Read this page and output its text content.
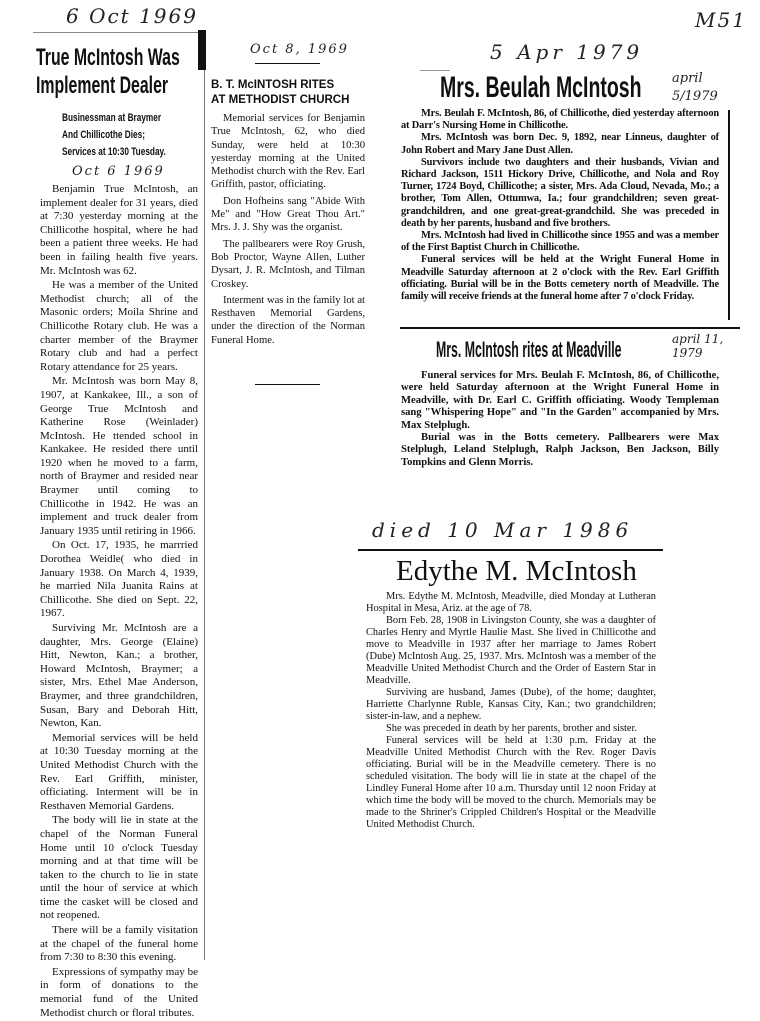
6 Oct 1969	M51
5 Apr 1979
april 5/1979
Oct 6 1969
Oct 8, 1969
april 11, 1979
died 10 Mar 1986
True McIntosh Was
Implement Dealer
Businessman at Braymer
And Chillicothe Dies;
Services at 10:30 Tuesday.

Benjamin True McIntosh, an implement dealer for 31 years, died at 7:30 yesterday morning at the Chillicothe hospital, where he had been a patient three weeks. He had been in failing health five years. Mr. McIntosh was 62.

He was a member of the United Methodist church; all of the Masonic orders; Moila Shrine and Chillicothe Rotary club. He was a charter member of the Braymer Rotary club and had a perfect Rotary attendance for 25 years.

Mr. McIntosh was born May 8, 1907, at Kankakee, Ill., a son of George True McIntosh and Katherine Rose (Weinlader) McIntosh. He ttended school in Kankakee. He resided there until 1920 when he moved to a farm, north of Braymer and resided near Braymer until coming to Chillicothe in 1942. He was an implement and truck dealer from January 1935 until retiring in 1966.

On Oct. 17, 1935, he marrried Dorothea Weidle( who died in January 1938. On March 4, 1939, he married Nila Juanita Rains at Chillicothe. She died on Sept. 22, 1967.

Surviving Mr. McIntosh are a daughter, Mrs. George (Elaine) Hitt, Newton, Kan.; a brother, Howard McIntosh, Braymer; a sister, Mrs. Ethel Mae Anderson, Braymer, and three grandchildren, Susan, Bary and Deborah Hitt, Newton, Kan.

Memorial services will be held at 10:30 Tuesday morning at the United Methodist Church with the Rev. Earl Griffith, minister, officiating. Interment will be in Resthaven Memorial Gardens.

The body will lie in state at the chapel of the Norman Funeral Home until 10 o'clock Tuesday morning and at that time will be taken to the church to lie in state until the hour of service at which time the casket will be closed and not reopened.

There will be a family visitation at the chapel of the funeral home from 7:30 to 8:30 this evening.

Expressions of sympathy may be in form of donations to the memorial fund of the United Methodist church or floral tributes.

B. T. McINTOSH RITES
AT METHODIST CHURCH

Memorial services for Benjamin True McIntosh, 62, who died Sunday, were held at 10:30 yesterday morning at the United Methodist church with the Rev. Earl Griffith, pastor, officiating.

Don Hofheins sang "Abide With Me" and "How Great Thou Art." Mrs. J. J. Shy was the organist.

The pallbearers were Roy Grush, Bob Proctor, Wayne Allen, Luther Dysart, J. R. McIntosh, and Tilman Croskey.

Interment was in the family lot at Resthaven Memorial Gardens, under the direction of the Norman Funeral Home.

Mrs. Beulah McIntosh

Mrs. Beulah F. McIntosh, 86, of Chillicothe, died yesterday afternoon at Darr's Nursing Home in Chillicothe.

Mrs. McIntosh was born Dec. 9, 1892, near Linneus, daughter of John Robert and Mary Jane Dust Allen.

Survivors include two daughters and their husbands, Vivian and Richard Jackson, 1511 Hickory Drive, Chillicothe, and Nola and Roy Turner, 1724 Boyd, Chillicothe; a sister, Mrs. Ada Cloud, Nevada, Mo.; a brother, Tom Allen, Ottumwa, Ia.; four grandchildren; seven great-grandchildren, and one great-great-grandchild. She was preceded in death by her parents, husband and five brothers.

Mrs. McIntosh had lived in Chillicothe since 1955 and was a member of the First Baptist Church in Chillicothe.

Funeral services will be held at the Wright Funeral Home in Meadville Saturday afternoon at 2 o'clock with the Rev. Earl Griffith officiating. Burial will be in the Botts cemetery north of Meadville. The family will receive friends at the funeral home after 7 o'clock Friday.

Mrs. McIntosh rites at Meadville

Funeral services for Mrs. Beulah F. McIntosh, 86, of Chillicothe, were held Saturday afternoon at the Wright Funeral Home in Meadville, with Dr. Earl C. Griffith officiating. Woody Templeman sang "Whispering Hope" and "In the Garden" accompanied by Mrs. Max Stelplugh.

Burial was in the Botts cemetery. Pallbearers were Max Stelplugh, Leland Stelplugh, Ralph Jackson, Ben Jackson, Billy Tompkins and Glenn Morris.

Edythe M. McIntosh

Mrs. Edythe M. McIntosh, Meadville, died Monday at Lutheran Hospital in Mesa, Ariz. at the age of 78.

Born Feb. 28, 1908 in Livingston County, she was a daughter of Charles Henry and Myrtle Haulie Mast. She lived in Chillicothe and move to Meadville in 1937 after her marriage to James Robert (Dube) McIntosh Aug. 25, 1937. Mrs. McIntosh was a member of the Meadville United Methodist Church and the Order of Eastern Star in Meadville.

Surviving are husband, James (Dube), of the home; daughter, Harriette Charlynne Ruble, Kansas City, Kan.; two grandchildren; sister-in-law, and a nephew.

She was preceded in death by her parents, brother and sister.

Funeral services will be held at 1:30 p.m. Friday at the Meadville United Methodist Church with the Rev. Roger Davis officiating. Burial will be in the Meadville cemetery. There is no scheduled visitation. The body will lie in state at the chapel of the Lindley Funeral Home after 10 a.m. Thursday until 12 noon Friday at which time the body will be moved to the church. Memorials may be made to the Shriner's Crippled Children's Hospital or the Meadville United Methodist Church.
